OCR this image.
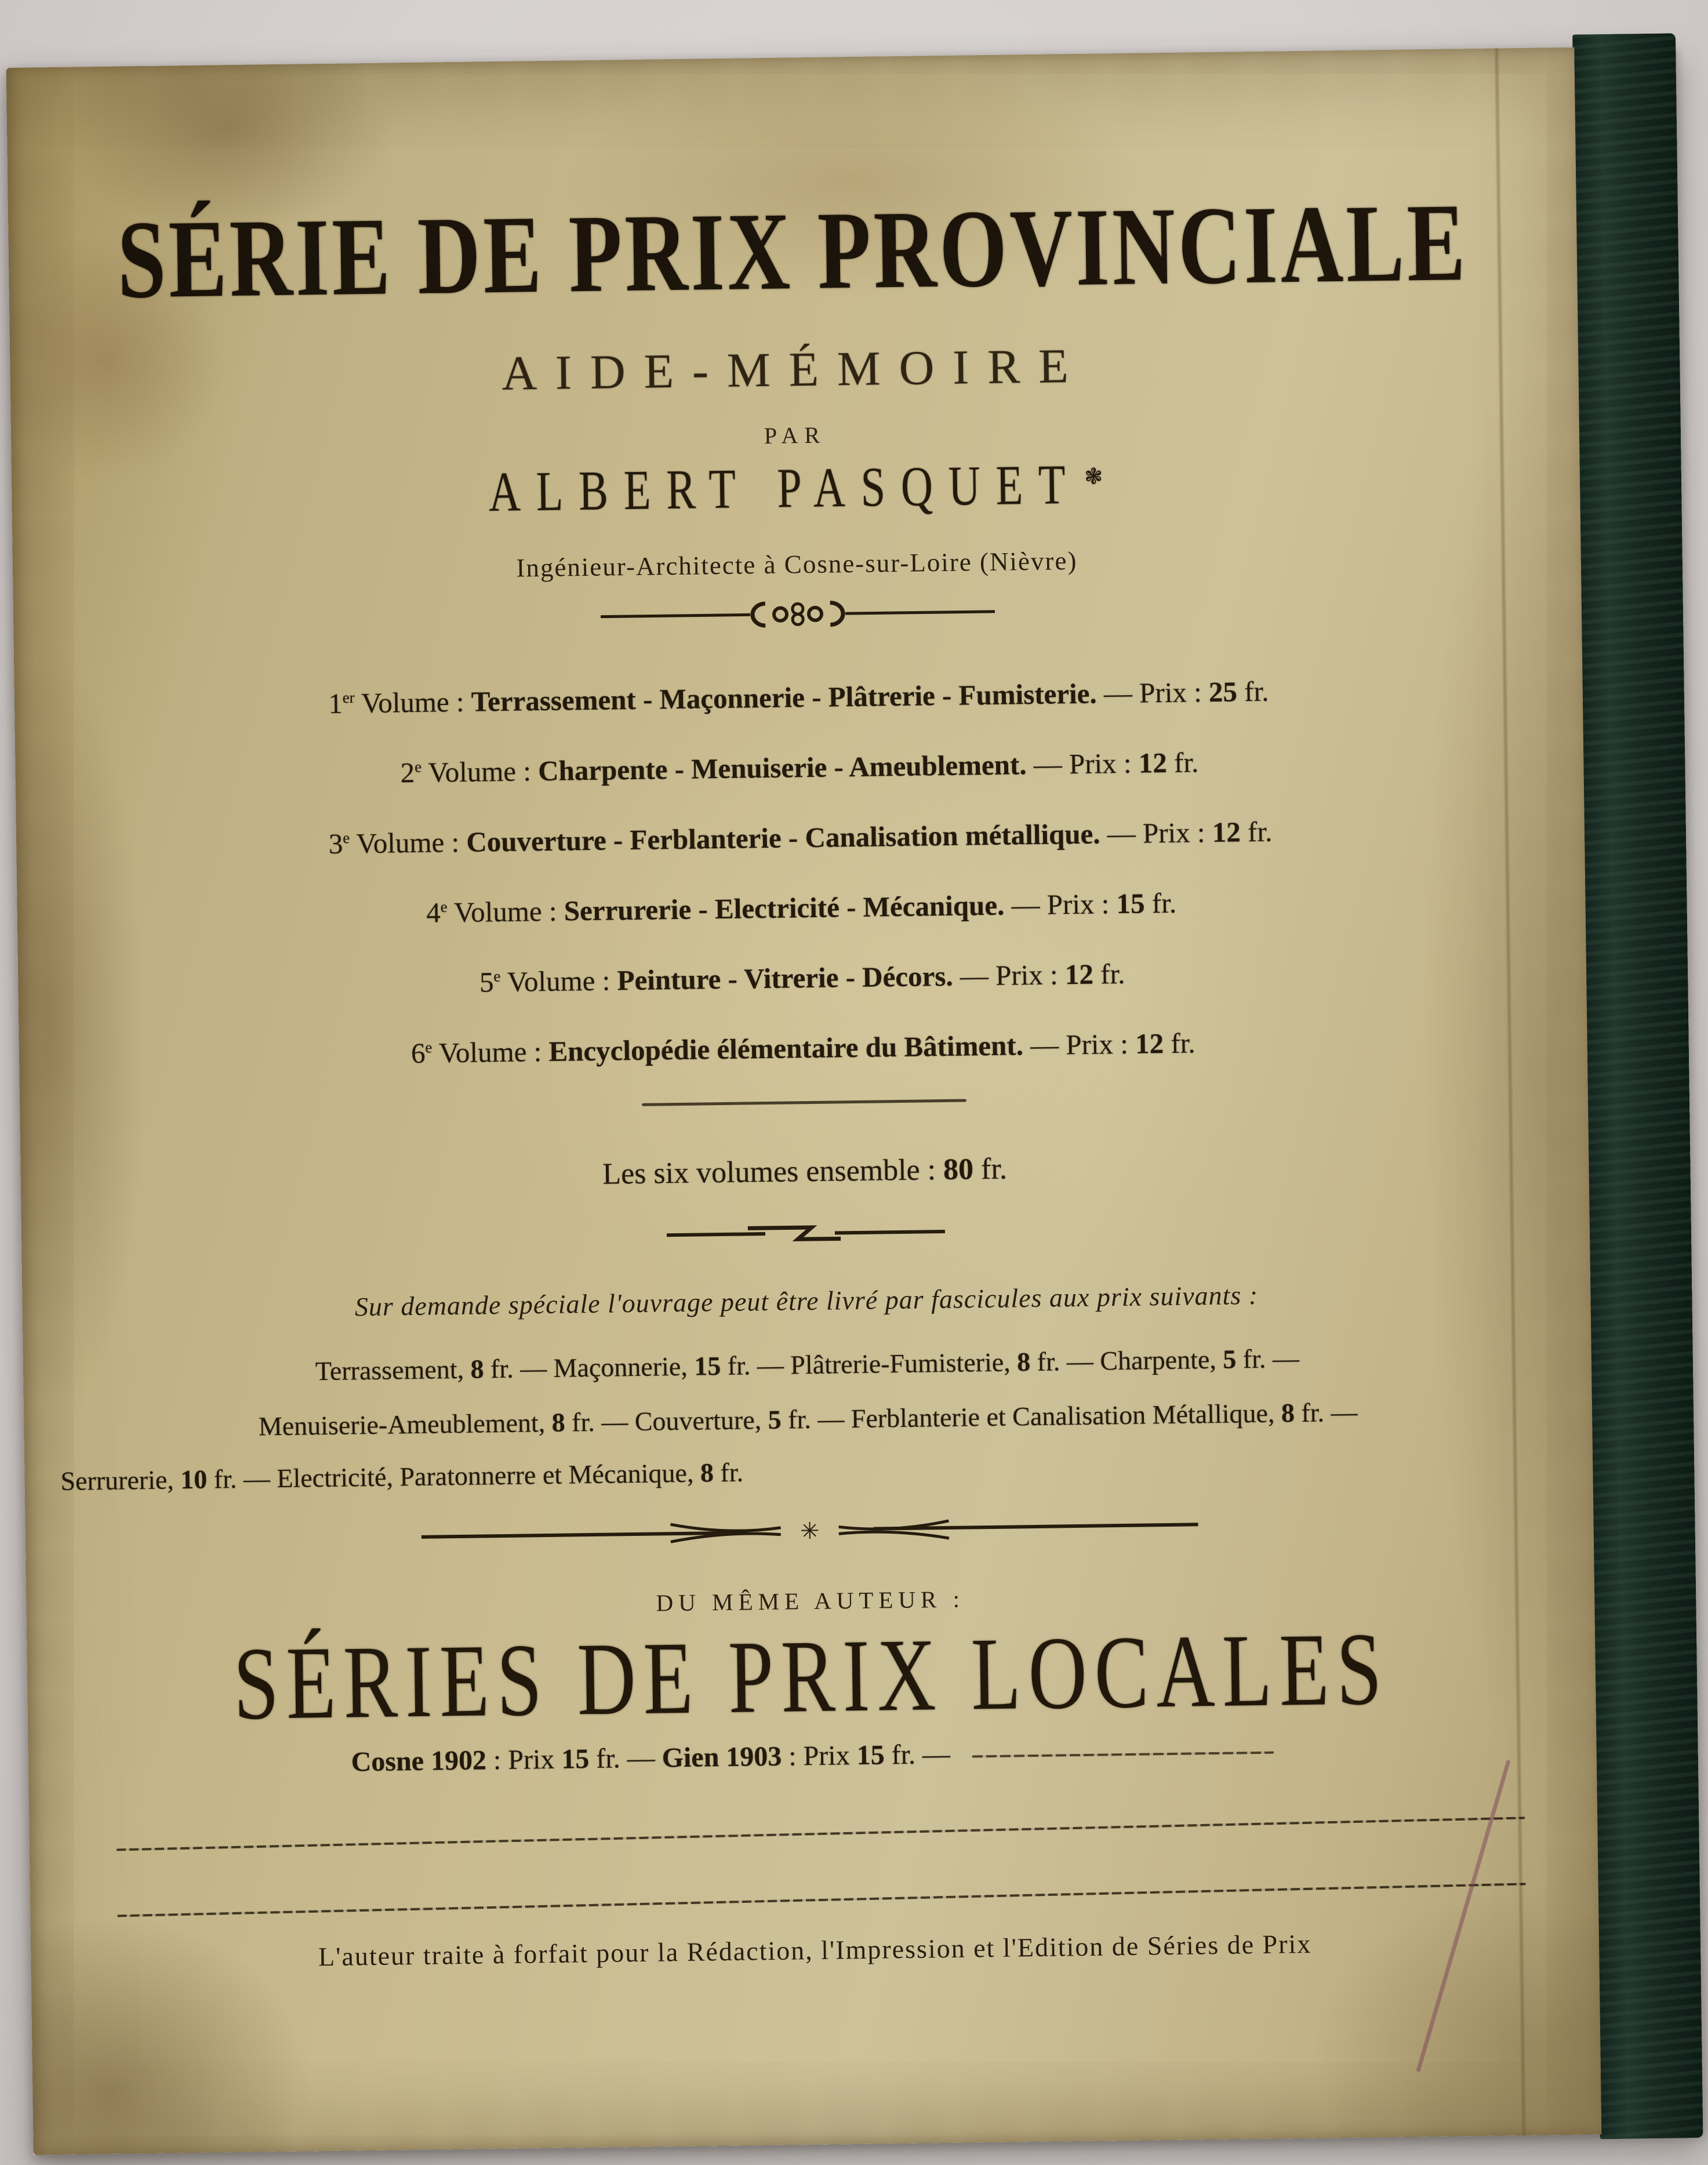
SÉRIE DE PRIX PROVINCIALE
AIDE-MÉMOIRE
PAR
ALBERT PASQUET ❃
Ingénieur-Architecte à Cosne-sur-Loire (Nièvre)
1er Volume : Terrassement - Maçonnerie - Plâtrerie - Fumisterie. — Prix : 25 fr.
2e Volume : Charpente - Menuiserie - Ameublement. — Prix : 12 fr.
3e Volume : Couverture - Ferblanterie - Canalisation métallique. — Prix : 12 fr.
4e Volume : Serrurerie - Electricité - Mécanique. — Prix : 15 fr.
5e Volume : Peinture - Vitrerie - Décors. — Prix : 12 fr.
6e Volume : Encyclopédie élémentaire du Bâtiment. — Prix : 12 fr.
Les six volumes ensemble : 80 fr.
Sur demande spéciale l'ouvrage peut être livré par fascicules aux prix suivants :
Terrassement, 8 fr. — Maçonnerie, 15 fr. — Plâtrerie-Fumisterie, 8 fr. — Charpente, 5 fr. —
Menuiserie-Ameublement, 8 fr. — Couverture, 5 fr. — Ferblanterie et Canalisation Métallique, 8 fr. —
Serrurerie, 10 fr. — Electricité, Paratonnerre et Mécanique, 8 fr.
✳
DU MÊME AUTEUR :
SÉRIES DE PRIX LOCALES
Cosne 1902 : Prix 15 fr. — Gien 1903 : Prix 15 fr. —
L'auteur traite à forfait pour la Rédaction, l'Impression et l'Edition de Séries de Prix
